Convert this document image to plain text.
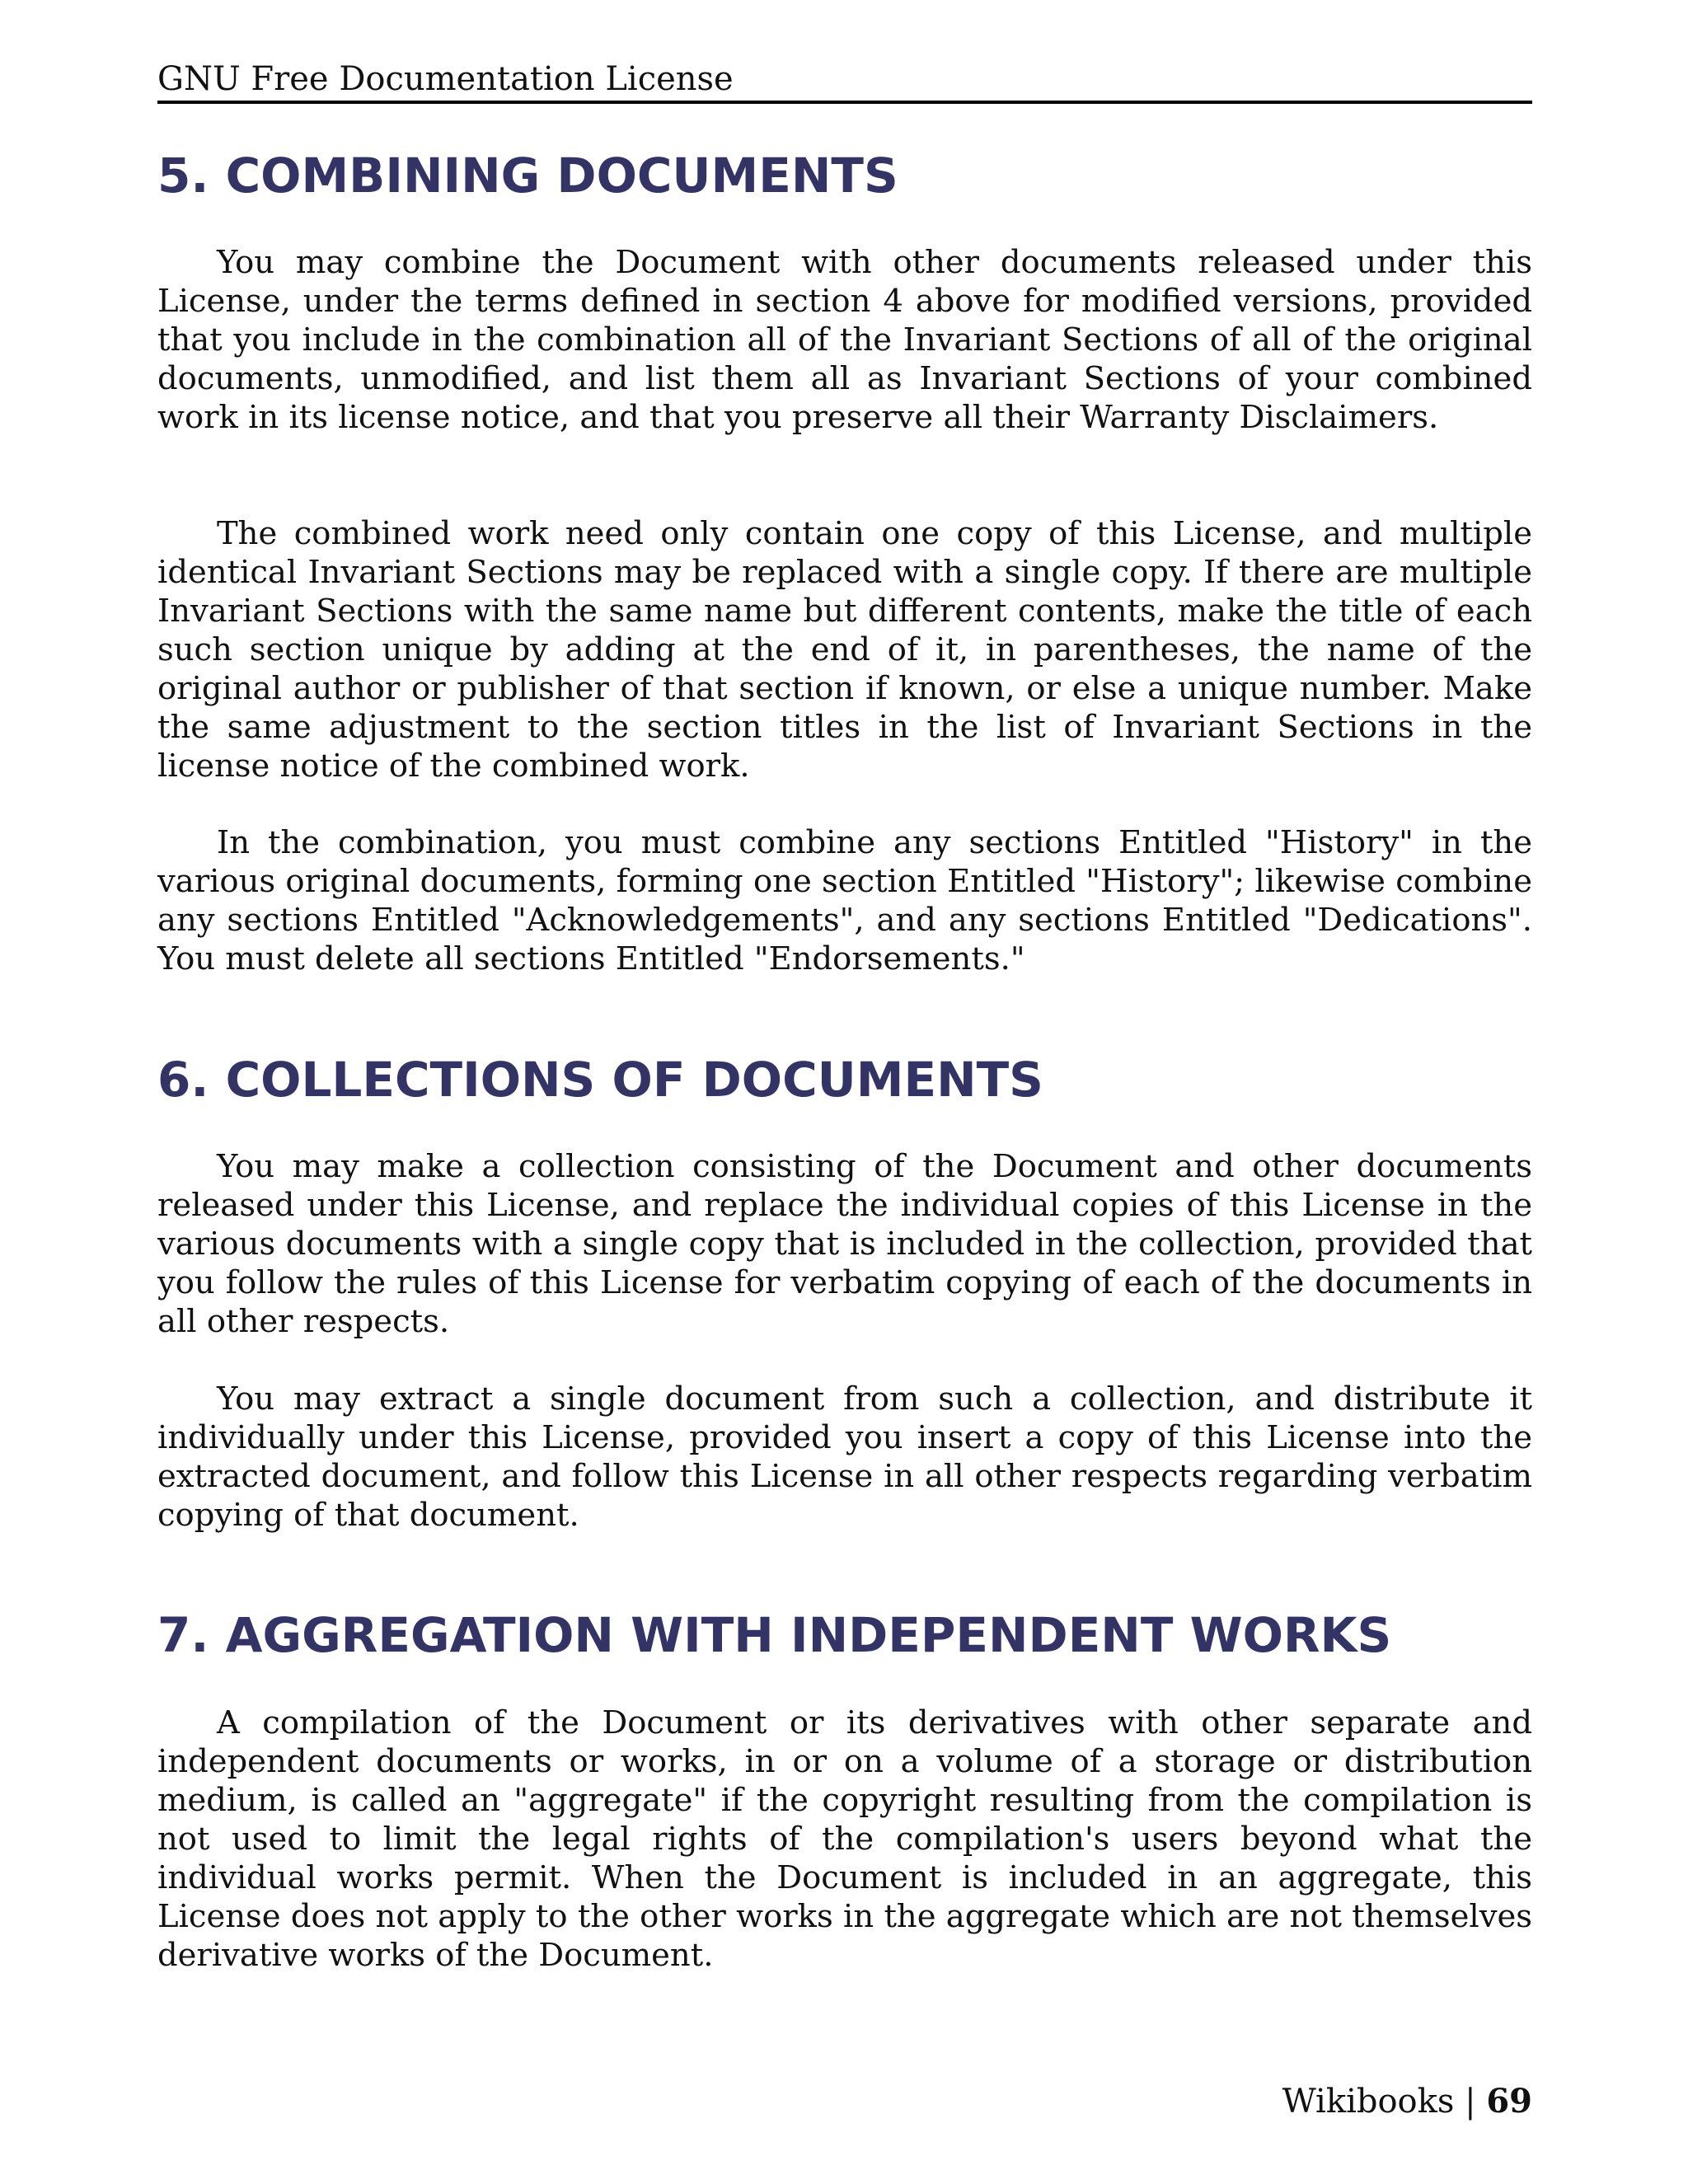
GNU Free Documentation License
5. COMBINING DOCUMENTS

You may combine the Document with other documents released under this License, under the terms defined in section 4 above for modified versions, provided that you include in the combination all of the Invariant Sections of all of the original documents, unmodified, and list them all as Invariant Sections of your combined work in its license notice, and that you preserve all their Warranty Disclaimers.

The combined work need only contain one copy of this License, and multiple identical Invariant Sections may be replaced with a single copy. If there are multiple Invariant Sections with the same name but different contents, make the title of each such section unique by adding at the end of it, in parentheses, the name of the original author or publisher of that section if known, or else a unique number. Make the same adjustment to the section titles in the list of Invariant Sections in the license notice of the combined work.

In the combination, you must combine any sections Entitled "History" in the various original documents, forming one section Entitled "History"; likewise combine any sections Entitled "Acknowledgements", and any sections Entitled "Dedications". You must delete all sections Entitled "Endorsements."

6. COLLECTIONS OF DOCUMENTS

You may make a collection consisting of the Document and other documents released under this License, and replace the individual copies of this License in the various documents with a single copy that is included in the collection, provided that you follow the rules of this License for verbatim copying of each of the documents in all other respects.

You may extract a single document from such a collection, and distribute it individually under this License, provided you insert a copy of this License into the extracted document, and follow this License in all other respects regarding verbatim copying of that document.

7. AGGREGATION WITH INDEPENDENT WORKS

A compilation of the Document or its derivatives with other separate and independent documents or works, in or on a volume of a storage or distribution medium, is called an "aggregate" if the copyright resulting from the compilation is not used to limit the legal rights of the compilation's users beyond what the individual works permit. When the Document is included in an aggregate, this License does not apply to the other works in the aggregate which are not themselves derivative works of the Document.

Wikibooks | 69
